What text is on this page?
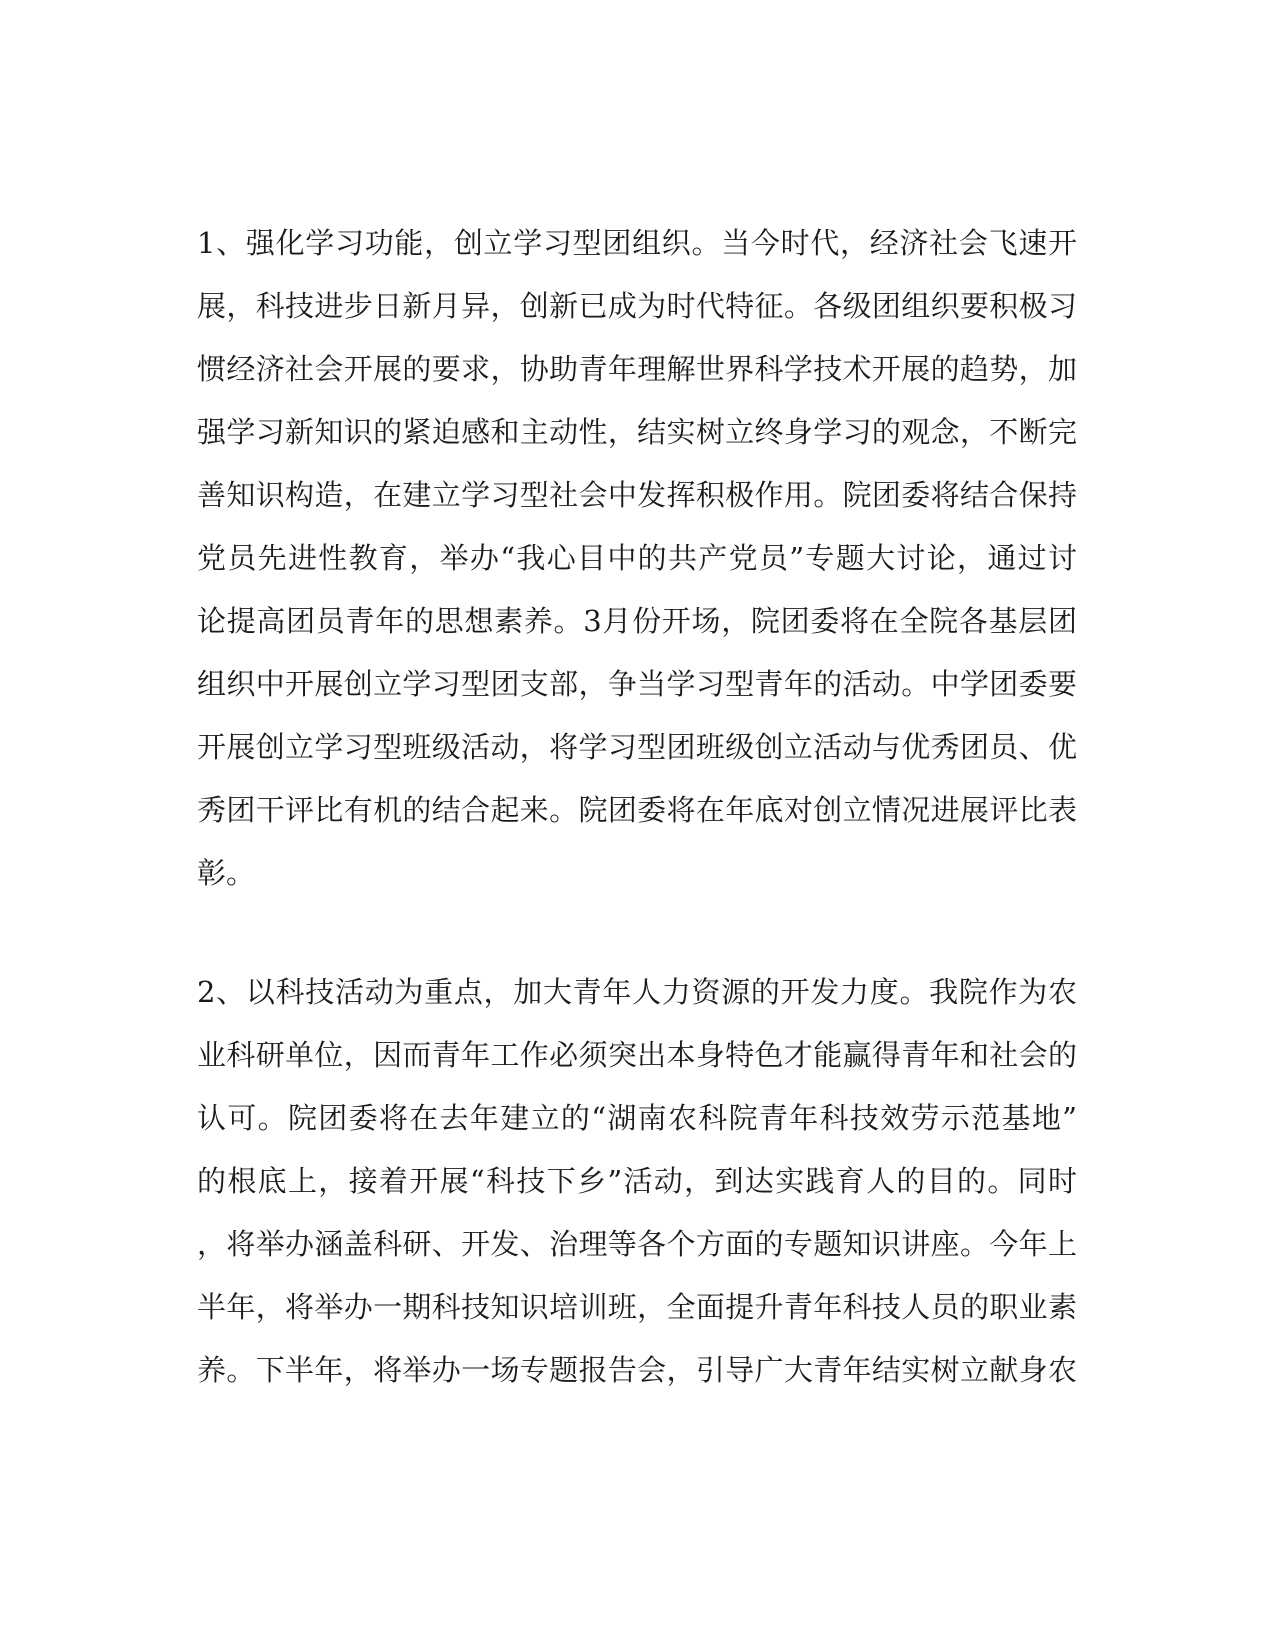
1、强化学习功能，创立学习型团组织。当今时代，经济社会飞速开

展，科技进步日新月异，创新已成为时代特征。各级团组织要积极习

惯经济社会开展的要求，协助青年理解世界科学技术开展的趋势，加

强学习新知识的紧迫感和主动性，结实树立终身学习的观念，不断完

善知识构造，在建立学习型社会中发挥积极作用。院团委将结合保持

党员先进性教育，举办“我心目中的共产党员”专题大讨论，通过讨

论提高团员青年的思想素养。3月份开场，院团委将在全院各基层团

组织中开展创立学习型团支部，争当学习型青年的活动。中学团委要

开展创立学习型班级活动，将学习型团班级创立活动与优秀团员、优

秀团干评比有机的结合起来。院团委将在年底对创立情况进展评比表

彰。

2、以科技活动为重点，加大青年人力资源的开发力度。我院作为农

业科研单位，因而青年工作必须突出本身特色才能赢得青年和社会的

认可。院团委将在去年建立的“湖南农科院青年科技效劳示范基地”

的根底上，接着开展“科技下乡”活动，到达实践育人的目的。同时

，将举办涵盖科研、开发、治理等各个方面的专题知识讲座。今年上

半年，将举办一期科技知识培训班，全面提升青年科技人员的职业素

养。下半年，将举办一场专题报告会，引导广大青年结实树立献身农
